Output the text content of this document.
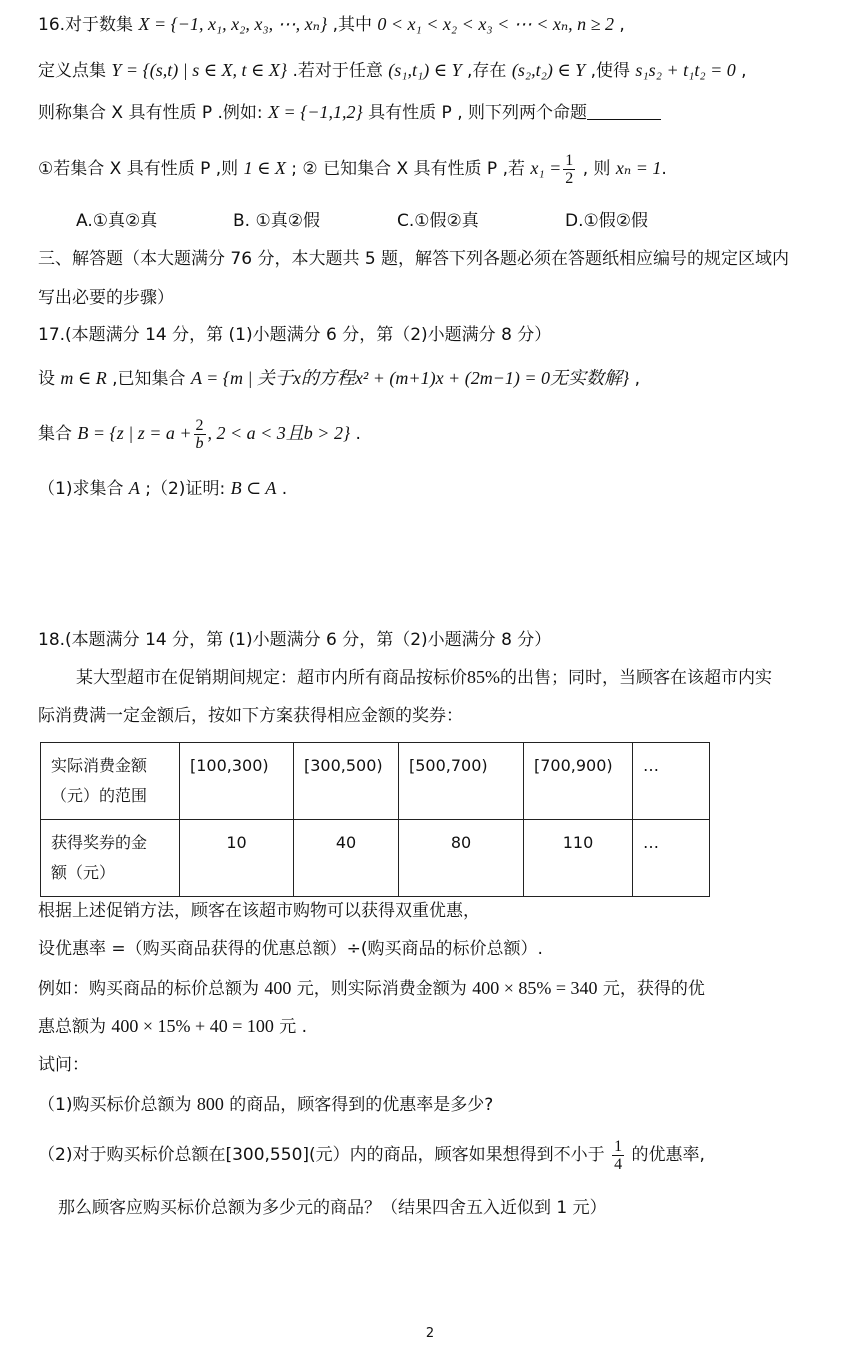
16.对于数集 X = {−1, x₁, x₂, x₃, ⋯, xₙ} ,其中 0 < x₁ < x₂ < x₃ < ⋯ < xₙ, n ≥ 2 ,
定义点集 Y = {(s,t) | s ∈ X, t ∈ X} .若对于任意 (s₁,t₁) ∈ Y ,存在 (s₂,t₂) ∈ Y ,使得 s₁s₂ + t₁t₂ = 0 ,
则称集合 X 具有性质 P .例如: X = {−1,1,2} 具有性质 P , 则下列两个命题
①若集合 X 具有性质 P ,则 1 ∈ X ; ② 已知集合 X 具有性质 P ,若 $x_1 = \frac{1}{2}$ , 则 xₙ = 1.
A.①真②真	B. ①真②假	C.①假②真	D.①假②假
三、解答题（本大题满分 76 分，本大题共 5 题，解答下列各题必须在答题纸相应编号的规定区域内
写出必要的步骤）
17.(本题满分 14 分，第 (1)小题满分 6 分，第（2)小题满分 8 分）
设 m ∈ R ,已知集合 A = {m | 关于x的方程x² + (m+1)x + (2m−1) = 0无实数解} ,
集合 B = {z | $z = a + \frac{2}{b}$ , 2 < a < 3且b > 2} .
（1)求集合 A ;（2)证明: B ⊂ A .
18.(本题满分 14 分，第 (1)小题满分 6 分，第（2)小题满分 8 分）
某大型超市在促销期间规定：超市内所有商品按标价85%的出售；同时，当顾客在该超市内实
际消费满一定金额后，按如下方案获得相应金额的奖券：
实际消费金额
（元）的范围	[100,300)	[300,500)	[500,700)	[700,900)	…

获得奖券的金
额（元）	10	40	80	110	…
根据上述促销方法，顾客在该超市购物可以获得双重优惠，
设优惠率 =（购买商品获得的优惠总额）÷(购买商品的标价总额）.
例如：购买商品的标价总额为 400 元，则实际消费金额为 400 × 85% = 340 元，获得的优
惠总额为 400 × 15% + 40 = 100 元 .
试问：
（1)购买标价总额为 800 的商品，顾客得到的优惠率是多少?
（2)对于购买标价总额在[300,550](元）内的商品，顾客如果想得到不小于 $\frac{1}{4}$ 的优惠率,
那么顾客应购买标价总额为多少元的商品？（结果四舍五入近似到 1 元）
2
